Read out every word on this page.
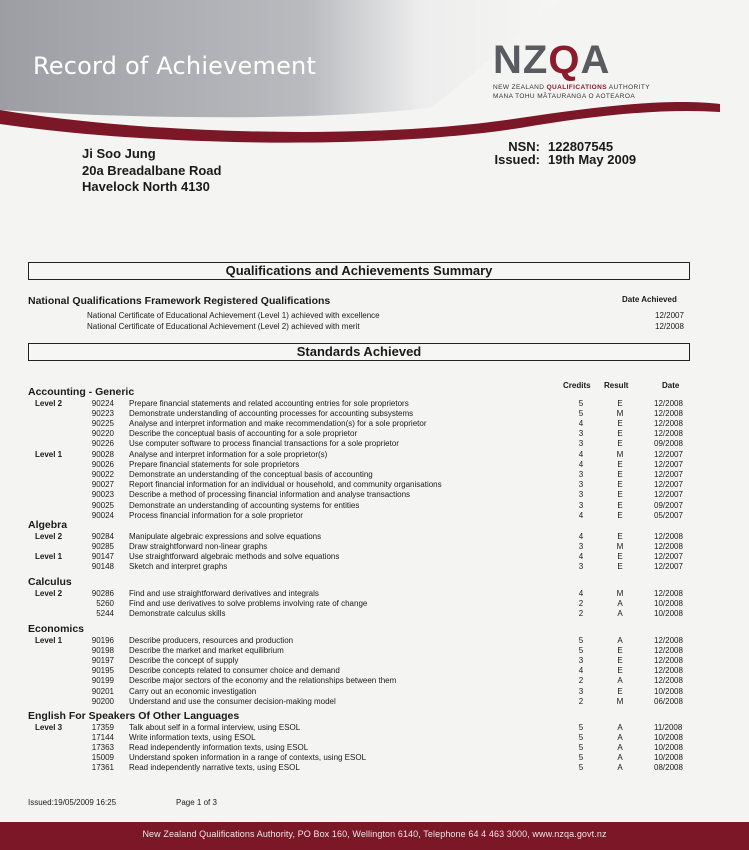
Record of Achievement	NZQA
NEW ZEALAND QUALIFICATIONS AUTHORITY
MANA TOHU MĀTAURANGA O AOTEAROA
Ji Soo Jung
20a Breadalbane Road
Havelock North 4130
NSN: 122807545
Issued: 19th May 2009
Qualifications and Achievements Summary
National Qualifications Framework Registered Qualifications	Date Achieved
National Certificate of Educational Achievement (Level 1) achieved with excellence	12/2007
National Certificate of Educational Achievement (Level 2) achieved with merit	12/2008
Standards Achieved
Credits Result	Date
Accounting - Generic
Level 2	90224 Prepare financial statements and related accounting entries for sole proprietors	5	E	12/2008
90223 Demonstrate understanding of accounting processes for accounting subsystems	5	M	12/2008
90225 Analyse and interpret information and make recommendation(s) for a sole proprietor	4	E	12/2008
90220 Describe the conceptual basis of accounting for a sole proprietor	3	E	12/2008
90226 Use computer software to process financial transactions for a sole proprietor	3	E	09/2008
Level 1	90028 Analyse and interpret information for a sole proprietor(s)	4	M	12/2007
90026 Prepare financial statements for sole proprietors	4	E	12/2007
90022 Demonstrate an understanding of the conceptual basis of accounting	3	E	12/2007
90027 Report financial information for an individual or household, and community organisations	3	E	12/2007
90023 Describe a method of processing financial information and analyse transactions	3	E	12/2007
90025 Demonstrate an understanding of accounting systems for entities	3	E	09/2007
90024 Process financial information for a sole proprietor	4	E	05/2007
Algebra
Level 2	90284 Manipulate algebraic expressions and solve equations	4	E	12/2008
90285 Draw straightforward non-linear graphs	3	M	12/2008
Level 1	90147 Use straightforward algebraic methods and solve equations	4	E	12/2007
90148 Sketch and interpret graphs	3	E	12/2007
Calculus
Level 2	90286 Find and use straightforward derivatives and integrals	4	M	12/2008
5260 Find and use derivatives to solve problems involving rate of change	2	A	10/2008
5244 Demonstrate calculus skills	2	A	10/2008
Economics
Level 1	90196 Describe producers, resources and production	5	A	12/2008
90198 Describe the market and market equilibrium	5	E	12/2008
90197 Describe the concept of supply	3	E	12/2008
90195 Describe concepts related to consumer choice and demand	4	E	12/2008
90199 Describe major sectors of the economy and the relationships between them	2	A	12/2008
90201 Carry out an economic investigation	3	E	10/2008
90200 Understand and use the consumer decision-making model	2	M	06/2008
English For Speakers Of Other Languages
Level 3	17359 Talk about self in a formal interview, using ESOL	5	A	11/2008
17144 Write information texts, using ESOL	5	A	10/2008
17363 Read independently information texts, using ESOL	5	A	10/2008
15009 Understand spoken information in a range of contexts, using ESOL	5	A	10/2008
17361 Read independently narrative texts, using ESOL	5	A	08/2008
Issued:19/05/2009 16:25	Page 1 of 3
New Zealand Qualifications Authority, PO Box 160, Wellington 6140, Telephone 64 4 463 3000, www.nzqa.govt.nz
